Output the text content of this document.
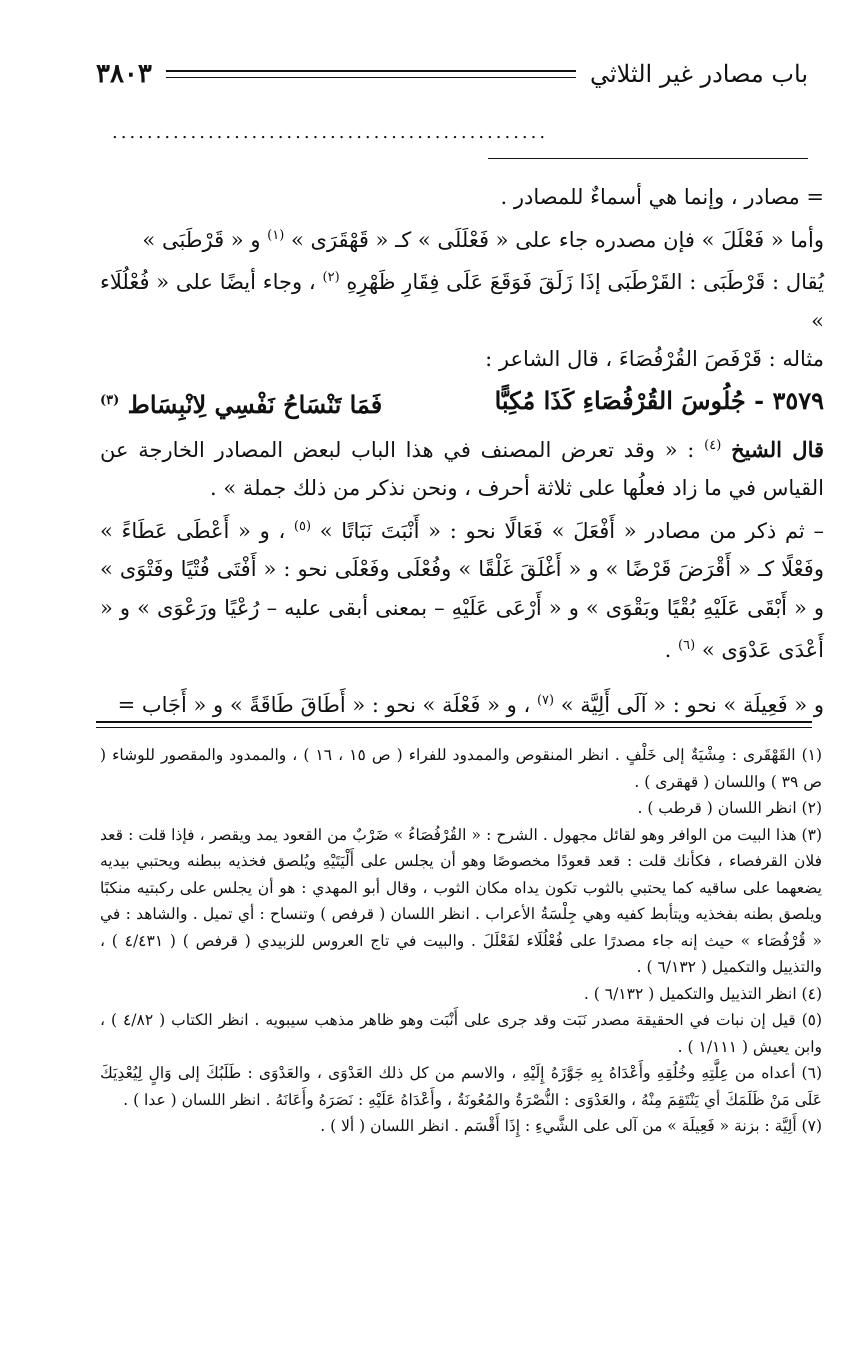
باب مصادر غير الثلاثي
٣٨٠٣
..................................................

= مصادر ، وإنما هي أسماءٌ للمصادر .

وأما « فَعْلَلَ » فإن مصدره جاء على « فَعْلَلَى » كـ « قَهْقَرَى » $^{(١)}$ و « قَرْطَبَى »

يُقال : قَرْطَبَى : القَرْطَبَى إذَا زَلَقَ فَوَقَعَ عَلَى فِقَارِ ظَهْرِهِ $^{(٢)}$ ، وجاء أيضًا على « فُعْلُلَاء »

مثاله : قَرْفَصَ القُرْفُصَاءَ ، قال الشاعر :

٣٥٧٩ - جُلُوسَ القُرْفُصَاءِ كَذَا مُكِبًّا
فَمَا تَنْسَاحُ نَفْسِي لِانْبِسَاط $^{(٣)}$

قال الشيخ $^{(٤)}$ : « وقد تعرض المصنف في هذا الباب لبعض المصادر الخارجة عن القياس في ما زاد فعلُها على ثلاثة أحرف ، ونحن نذكر من ذلك جملة » .

– ثم ذكر من مصادر « أَفْعَلَ » فَعَالًا نحو : « أَنْبَتَ نَبَاتًا » $^{(٥)}$ ، و « أَعْطَى عَطَاءً » وفَعْلًا كـ « أَقْرَضَ قَرْضًا » و « أَغْلَقَ غَلْقًا » وفُعْلَى وفَعْلَى نحو : « أَفْتَى فُتْيًا وفَتْوَى » و « أَبْقَى عَلَيْهِ بُقْيًا وبَقْوَى » و « أَرْعَى عَلَيْهِ – بمعنى أبقى عليه – رُعْيًا ورَعْوَى » و « أَعْدَى عَدْوَى » $^{(٦)}$ .

و « فَعِيلَة » نحو : « آلَى أَلِيَّة » $^{(٧)}$ ، و « فَعْلَة » نحو : « أَطَاقَ طَاقَةً » و « أَجَاب =

(١) القَهْقَرى : مِشْيَةٌ إلى خَلْفٍ . انظر المنقوص والممدود للفراء ( ص ١٥ ، ١٦ ) ، والممدود والمقصور للوشاء ( ص ٣٩ ) واللسان ( قهقرى ) .

(٢) انظر اللسان ( قرطب ) .

(٣) هذا البيت من الوافر وهو لقائل مجهول . الشرح : « القُرْفُصَاءُ » ضَرْبٌ من القعود يمد ويقصر ، فإذا قلت : قعد فلان القرفصاء ، فكأنك قلت : قعد قعودًا مخصوصًا وهو أن يجلس على أَلْيَتَيْهِ ويُلصق فخذيه ببطنه ويحتبي بيديه يضعهما على ساقيه كما يحتبي بالثوب تكون يداه مكان الثوب ، وقال أبو المهدي : هو أن يجلس على ركبتيه منكبًا ويلصق بطنه بفخذيه ويتأبط كفيه وهي جِلْسَةُ الأعراب . انظر اللسان ( قرفص ) وتنساح : أي تميل . والشاهد : في « قُرْفُصَاء » حيث إنه جاء مصدرًا على فُعْلُلَاء لفَعْلَلَ . والبيت في تاج العروس للزبيدي ( قرفص ) ( ٤/٤٣١ ) ، والتذييل والتكميل ( ٦/١٣٢ ) .

(٤) انظر التذييل والتكميل ( ٦/١٣٢ ) .

(٥) قيل إن نبات في الحقيقة مصدر نَبَت وقد جرى على أَنْبَت وهو ظاهر مذهب سيبويه . انظر الكتاب ( ٤/٨٢ ) ، وابن يعيش ( ١/١١١ ) .

(٦) أعداه من عِلَّتِهِ وخُلُقِهِ وأَعْدَاهُ بِهِ جَوَّزَهُ إِلَيْهِ ، والاسم من كل ذلك العَدْوَى ، والعَدْوَى : طَلَبُكَ إلى وَالٍ لِيُعْدِيَكَ عَلَى مَنْ ظَلَمَكَ أي يَنْتَقِمَ مِنْهُ ، والعَدْوَى : النُّصْرَةُ والمُعُونَةُ ، وأَعْدَاهُ عَلَيْهِ : نَصَرَهُ وأَعَانَهُ . انظر اللسان ( عدا ) .

(٧) أَلِيَّة : بزنة « فَعِيلَة » من آلى على الشَّيءِ : إِذَا أَقْسَم . انظر اللسان ( ألا ) .
